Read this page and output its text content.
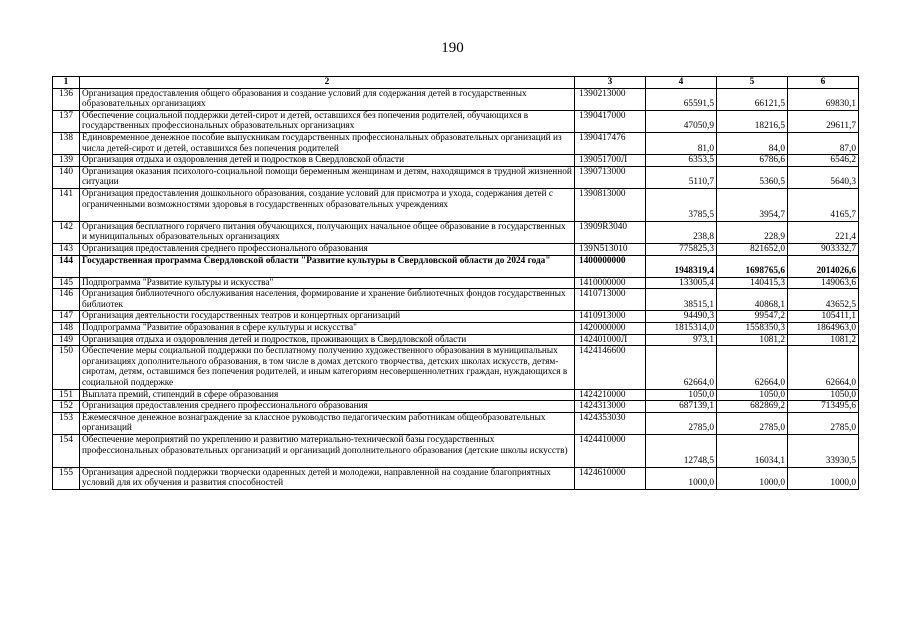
190
1	2	3	4	5	6
136	Организация предоставления общего образования и создание условий для содержания детей в государственных образовательных организациях	1390213000	65591,5	66121,5	69830,1
137	Обеспечение социальной поддержки детей-сирот и детей, оставшихся без попечения родителей, обучающихся в государственных профессиональных образовательных организациях	1390417000	47050,9	18216,5	29611,7
138	Единовременное денежное пособие выпускникам государственных профессиональных образовательных организаций из числа детей-сирот и детей, оставшихся без попечения родителей	1390417476	81,0	84,0	87,0
139	Организация отдыха и оздоровления детей и подростков в Свердловской области	139051700Л	6353,5	6786,6	6546,2
140	Организация оказания психолого-социальной помощи беременным женщинам и детям, находящимся в трудной жизненной ситуации	1390713000	5110,7	5360,5	5640,3
141	Организация предоставления дошкольного образования, создание условий для присмотра и ухода, содержания детей с ограниченными возможностями здоровья в государственных образовательных учреждениях	1390813000	3785,5	3954,7	4165,7
142	Организация бесплатного горячего питания обучающихся, получающих начальное общее образование в государственных и муниципальных образовательных организациях	13909R3040	238,8	228,9	221,4
143	Организация предоставления среднего профессионального образования	139N513010	775825,3	821652,0	903332,7
144	Государственная программа Свердловской области "Развитие культуры в Свердловской области до 2024 года"	1400000000	1948319,4	1698765,6	2014026,6
145	Подпрограмма "Развитие культуры и искусства"	1410000000	133005,4	140415,3	149063,6
146	Организация библиотечного обслуживания населения, формирование и хранение библиотечных фондов государственных библиотек	1410713000	38515,1	40868,1	43652,5
147	Организация деятельности государственных театров и концертных организаций	1410913000	94490,3	99547,2	105411,1
148	Подпрограмма "Развитие образования в сфере культуры и искусства"	1420000000	1815314,0	1558350,3	1864963,0
149	Организация отдыха и оздоровления детей и подростков, проживающих в Свердловской области	142401000Л	973,1	1081,2	1081,2
150	Обеспечение меры социальной поддержки по бесплатному получению художественного образования в муниципальных организациях дополнительного образования, в том числе в домах детского творчества, детских школах искусств, детям-сиротам, детям, оставшимся без попечения родителей, и иным категориям несовершеннолетних граждан, нуждающихся в социальной поддержке	1424146600	62664,0	62664,0	62664,0
151	Выплата премий, стипендий в сфере образования	1424210000	1050,0	1050,0	1050,0
152	Организация предоставления среднего профессионального образования	1424313000	687139,1	682869,2	713495,6
153	Ежемесячное денежное вознаграждение за классное руководство педагогическим работникам общеобразовательных организаций	1424353030	2785,0	2785,0	2785,0
154	Обеспечение мероприятий по укреплению и развитию материально-технической базы государственных профессиональных образовательных организаций и организаций дополнительного образования (детские школы искусств)	1424410000	12748,5	16034,1	33930,5
155	Организация адресной поддержки творчески одаренных детей и молодежи, направленной на создание благоприятных условий для их обучения и развития способностей	1424610000	1000,0	1000,0	1000,0
